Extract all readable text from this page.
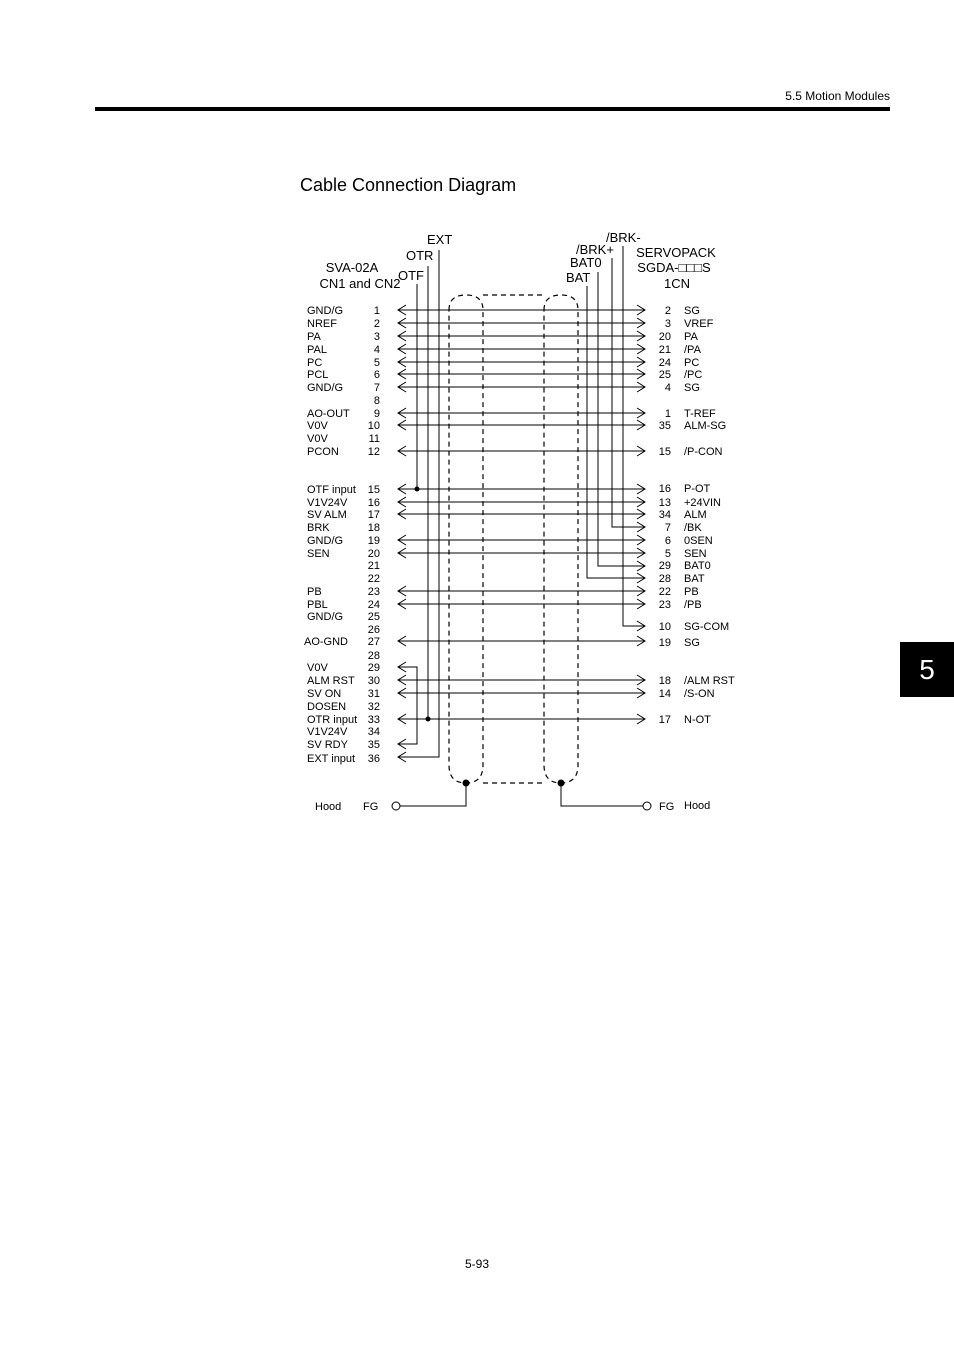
5.5 Motion Modules
Cable Connection Diagram
5
5-93
SVA-02A
CN1 and CN2
SERVOPACK
SGDA-□□□S
1CN
EXT
OTR
OTF
/BRK-
/BRK+
BAT0
BAT
GND/G	1
NREF	2
PA	3
PAL	4
PC	5
PCL	6
GND/G	7
8
AO-OUT 9
V0V	10
V0V	11
PCON	12
OTF input 15
V1V24V 16
SV ALM 17
BRK	18
GND/G 19
SEN	20
21
22
PB	23
PBL	24
GND/G 25
26
AO-GND 27
28
V0V	29
ALM RST 30
SV ON 31
DOSEN 32
OTR input 33
V1V24V 34
SV RDY 35
EXT input 36
2 SG
3 VREF
20 PA
21 /PA
24 PC
25 /PC
4 SG
1 T-REF
35 ALM-SG
15 /P-CON
16 P-OT
13 +24VIN
34 ALM
7 /BK
6 0SEN
5 SEN
29 BAT0
28 BAT
22 PB
23 /PB
10 SG-COM
19 SG
18 /ALM RST
14 /S-ON
17 N-OT
Hood FG	FG Hood
